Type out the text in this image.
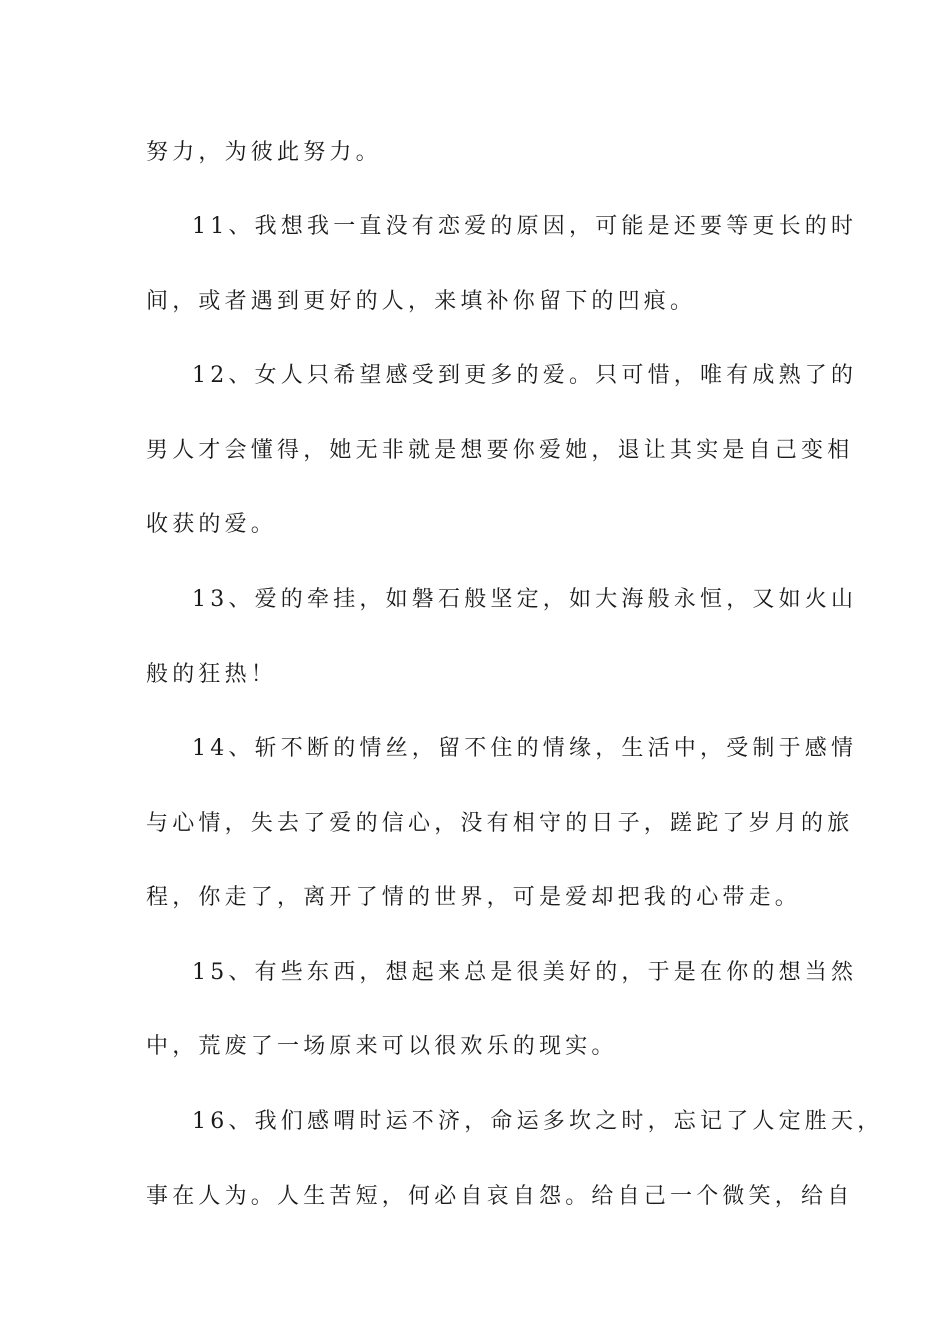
努力，为彼此努力。
11、我想我一直没有恋爱的原因，可能是还要等更长的时
间，或者遇到更好的人，来填补你留下的凹痕。
12、女人只希望感受到更多的爱。只可惜，唯有成熟了的
男人才会懂得，她无非就是想要你爱她，退让其实是自己变相
收获的爱。
13、爱的牵挂，如磐石般坚定，如大海般永恒，又如火山
般的狂热！
14、斩不断的情丝，留不住的情缘，生活中，受制于感情
与心情，失去了爱的信心，没有相守的日子，蹉跎了岁月的旅
程，你走了，离开了情的世界，可是爱却把我的心带走。
15、有些东西，想起来总是很美好的，于是在你的想当然
中，荒废了一场原来可以很欢乐的现实。
16、我们感喟时运不济，命运多坎之时，忘记了人定胜天，
事在人为。人生苦短，何必自哀自怨。给自己一个微笑，给自
